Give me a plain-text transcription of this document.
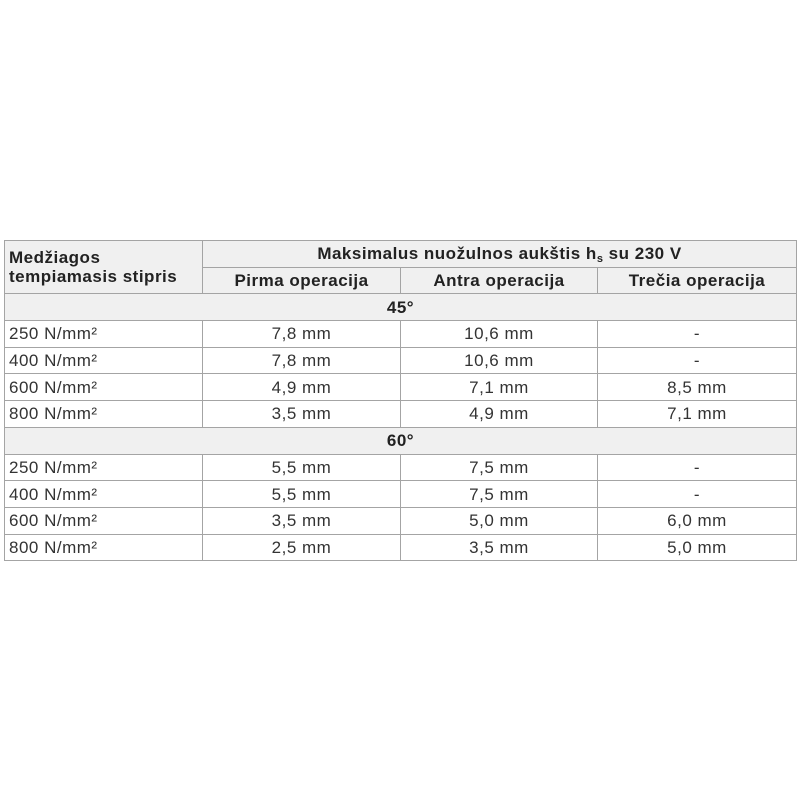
Medžiagos
tempiamasis stipris	Maksimalus nuožulnos aukštis $h_s$ su 230 V		
	Pirma operacija	Antra operacija	Trečia operacija
45°			
250 N/mm²	7,8 mm	10,6 mm	-
400 N/mm²	7,8 mm	10,6 mm	-
600 N/mm²	4,9 mm	7,1 mm	8,5 mm
800 N/mm²	3,5 mm	4,9 mm	7,1 mm
60°			
250 N/mm²	5,5 mm	7,5 mm	-
400 N/mm²	5,5 mm	7,5 mm	-
600 N/mm²	3,5 mm	5,0 mm	6,0 mm
800 N/mm²	2,5 mm	3,5 mm	5,0 mm
